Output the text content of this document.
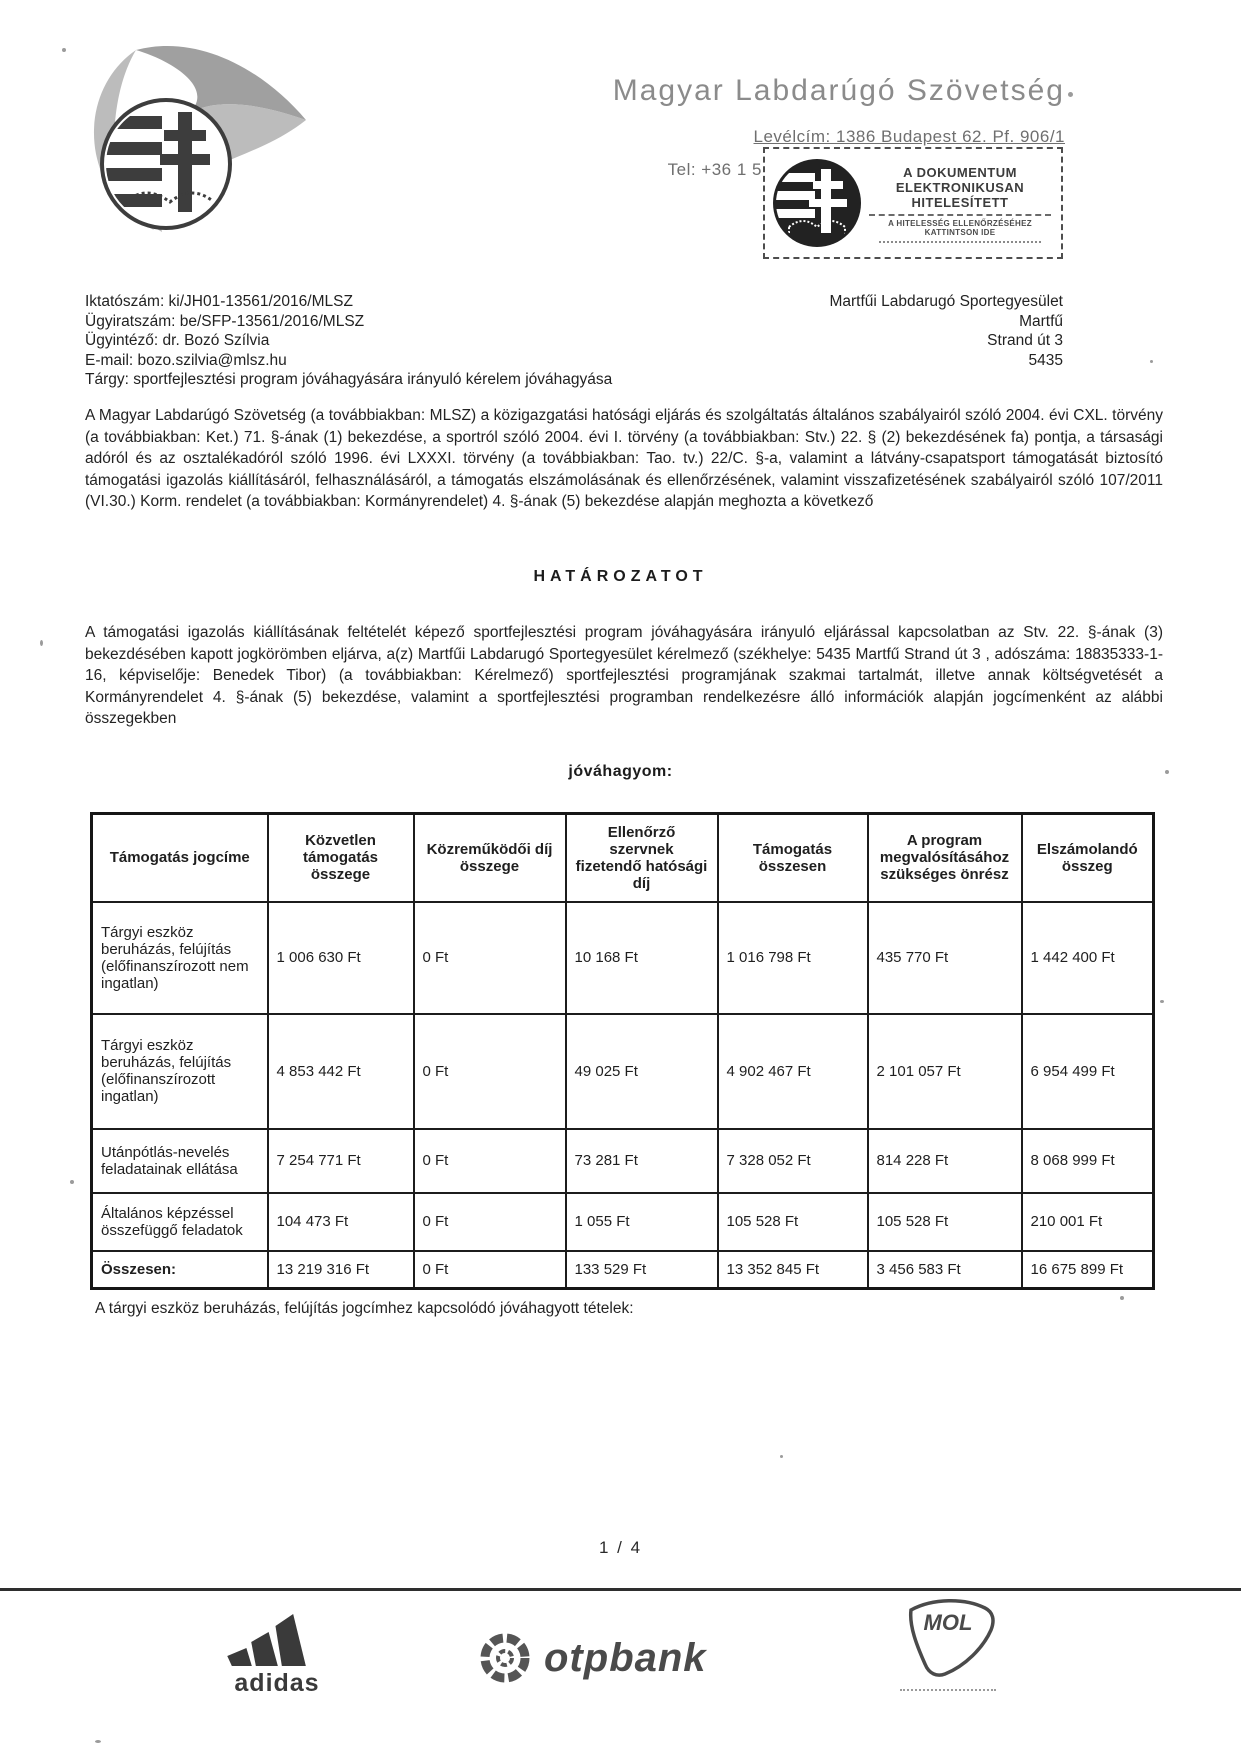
Magyar Labdarúgó Szövetség
Levélcím: 1386 Budapest 62. Pf. 906/1
Tel: +36 1 5	A DOKUMENTUM
ELEKTRONIKUSAN
HITELESÍTETT
A HITELESSÉG ELLENŐRZÉSÉHEZ
KATTINTSON IDE
Iktatószám: ki/JH01-13561/2016/MLSZ
Ügyiratszám: be/SFP-13561/2016/MLSZ
Ügyintéző: dr. Bozó Szílvia
E-mail: bozo.szilvia@mlsz.hu
Tárgy: sportfejlesztési program jóváhagyására irányuló kérelem jóváhagyása
Martfűi Labdarugó Sportegyesület
Martfű
Strand út 3
5435
A Magyar Labdarúgó Szövetség (a továbbiakban: MLSZ) a közigazgatási hatósági eljárás és szolgáltatás általános szabályairól szóló 2004. évi CXL. törvény (a továbbiakban: Ket.) 71. §-ának (1) bekezdése, a sportról szóló 2004. évi I. törvény (a továbbiakban: Stv.) 22. § (2) bekezdésének fa) pontja, a társasági adóról és az osztalékadóról szóló 1996. évi LXXXI. törvény (a továbbiakban: Tao. tv.) 22/C. §-a, valamint a látvány-csapatsport támogatását biztosító támogatási igazolás kiállításáról, felhasználásáról, a támogatás elszámolásának és ellenőrzésének, valamint visszafizetésének szabályairól szóló 107/2011 (VI.30.) Korm. rendelet (a továbbiakban: Kormányrendelet) 4. §-ának (5) bekezdése alapján meghozta a következő
HATÁROZATOT
A támogatási igazolás kiállításának feltételét képező sportfejlesztési program jóváhagyására irányuló eljárással kapcsolatban az Stv. 22. §-ának (3) bekezdésében kapott jogkörömben eljárva, a(z) Martfűi Labdarugó Sportegyesület kérelmező (székhelye: 5435 Martfű Strand út 3 , adószáma: 18835333-1-16, képviselője: Benedek Tibor) (a továbbiakban: Kérelmező) sportfejlesztési programjának szakmai tartalmát, illetve annak költségvetését a Kormányrendelet 4. §-ának (5) bekezdése, valamint a sportfejlesztési programban rendelkezésre álló információk alapján jogcímenként az alábbi összegekben
jóváhagyom:
Támogatás jogcíme	Közvetlen támogatás összege	Közreműködői díj összege	Ellenőrző szervnek fizetendő hatósági díj	Támogatás összesen	A program megvalósításához szükséges önrész	Elszámolandó összeg
Tárgyi eszköz beruházás, felújítás (előfinanszírozott nem ingatlan)	1 006 630 Ft	0 Ft	10 168 Ft	1 016 798 Ft	435 770 Ft	1 442 400 Ft
Tárgyi eszköz beruházás, felújítás (előfinanszírozott ingatlan)	4 853 442 Ft	0 Ft	49 025 Ft	4 902 467 Ft	2 101 057 Ft	6 954 499 Ft
Utánpótlás-nevelés feladatainak ellátása	7 254 771 Ft	0 Ft	73 281 Ft	7 328 052 Ft	814 228 Ft	8 068 999 Ft
Általános képzéssel összefüggő feladatok	104 473 Ft	0 Ft	1 055 Ft	105 528 Ft	105 528 Ft	210 001 Ft
Összesen:	13 219 316 Ft	0 Ft	133 529 Ft	13 352 845 Ft	3 456 583 Ft	16 675 899 Ft
A tárgyi eszköz beruházás, felújítás jogcímhez kapcsolódó jóváhagyott tételek:
1 / 4
adidas
otpbank
MOL
